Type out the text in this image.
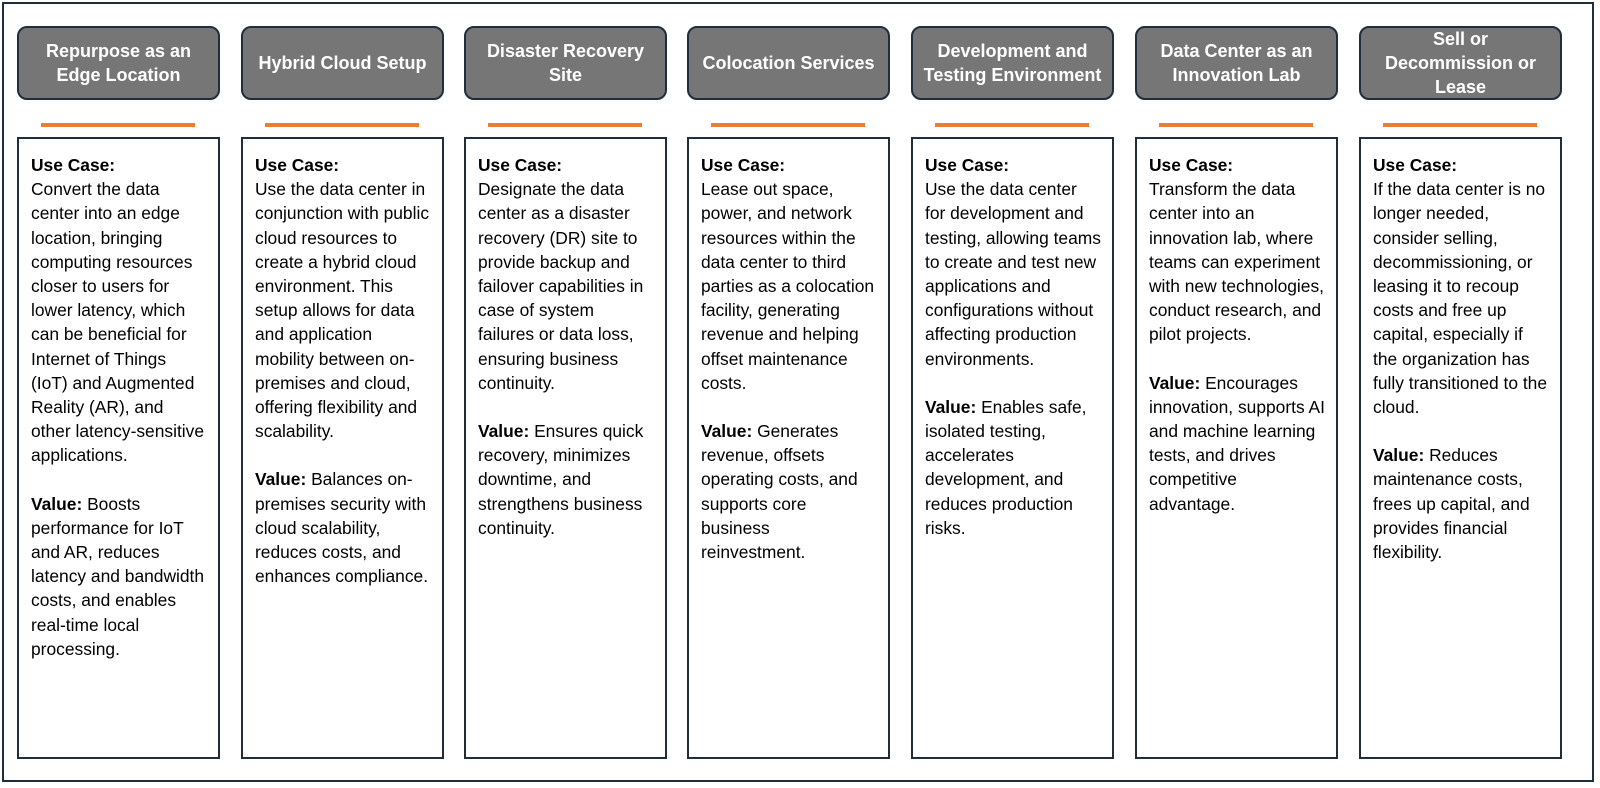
Repurpose as an Edge Location

Use Case:
Convert the data center into an edge location, bringing computing resources closer to users for lower latency, which can be beneficial for Internet of Things (IoT) and Augmented Reality (AR), and other latency-sensitive applications.

Value: Boosts performance for IoT and AR, reduces latency and bandwidth costs, and enables real-time local processing.

Hybrid Cloud Setup

Use Case:
Use the data center in conjunction with public cloud resources to create a hybrid cloud environment. This setup allows for data and application mobility between on-premises and cloud, offering flexibility and scalability.

Value: Balances on-premises security with cloud scalability, reduces costs, and enhances compliance.

Disaster Recovery Site

Use Case:
Designate the data center as a disaster recovery (DR) site to provide backup and failover capabilities in case of system failures or data loss, ensuring business continuity.

Value: Ensures quick recovery, minimizes downtime, and strengthens business continuity.

Colocation Services

Use Case:
Lease out space, power, and network resources within the data center to third parties as a colocation facility, generating revenue and helping offset maintenance costs.

Value: Generates revenue, offsets operating costs, and supports core business reinvestment.

Development and Testing Environment

Use Case:
Use the data center for development and testing, allowing teams to create and test new applications and configurations without affecting production environments.

Value: Enables safe, isolated testing, accelerates development, and reduces production risks.

Data Center as an Innovation Lab

Use Case:
Transform the data center into an innovation lab, where teams can experiment with new technologies, conduct research, and pilot projects.

Value: Encourages innovation, supports AI and machine learning tests, and drives competitive advantage.

Sell or Decommission or Lease

Use Case:
If the data center is no longer needed, consider selling, decommissioning, or leasing it to recoup costs and free up capital, especially if the organization has fully transitioned to the cloud.

Value: Reduces maintenance costs, frees up capital, and provides financial flexibility.
